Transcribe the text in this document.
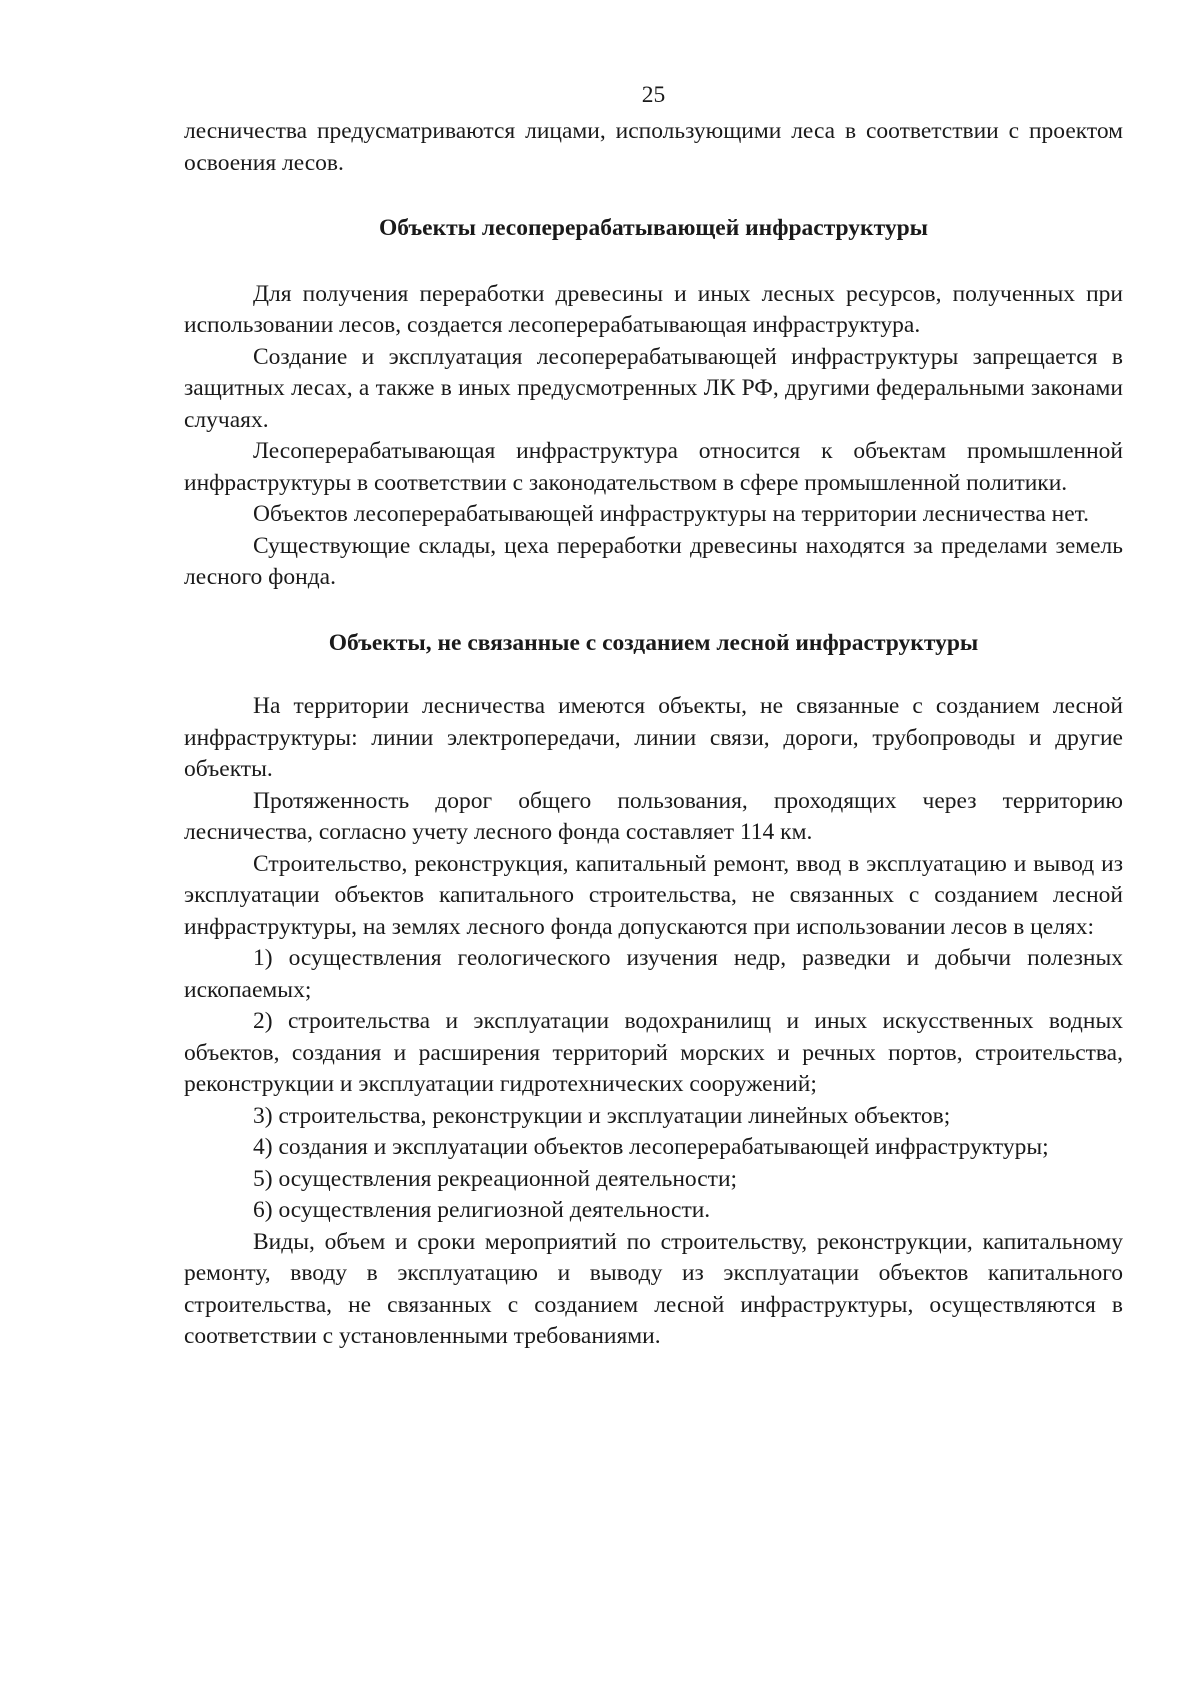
25

лесничества предусматриваются лицами, использующими леса в соответствии с проектом освоения лесов.

Объекты лесоперерабатывающей инфраструктуры

Для получения переработки древесины и иных лесных ресурсов, полученных при использовании лесов, создается лесоперерабатывающая инфраструктура.

Создание и эксплуатация лесоперерабатывающей инфраструктуры запрещается в защитных лесах, а также в иных предусмотренных ЛК РФ, другими федеральными законами случаях.

Лесоперерабатывающая инфраструктура относится к объектам промышленной инфраструктуры в соответствии с законодательством в сфере промышленной политики.

Объектов лесоперерабатывающей инфраструктуры на территории лесничества нет.

Существующие склады, цеха переработки древесины находятся за пределами земель лесного фонда.

Объекты, не связанные с созданием лесной инфраструктуры

На территории лесничества имеются объекты, не связанные с созданием лесной инфраструктуры: линии электропередачи, линии связи, дороги, трубопроводы и другие объекты.

Протяженность дорог общего пользования, проходящих через территорию лесничества, согласно учету лесного фонда составляет 114 км.

Строительство, реконструкция, капитальный ремонт, ввод в эксплуатацию и вывод из эксплуатации объектов капитального строительства, не связанных с созданием лесной инфраструктуры, на землях лесного фонда допускаются при использовании лесов в целях:

1) осуществления геологического изучения недр, разведки и добычи полезных ископаемых;

2) строительства и эксплуатации водохранилищ и иных искусственных водных объектов, создания и расширения территорий морских и речных портов, строительства, реконструкции и эксплуатации гидротехнических сооружений;

3) строительства, реконструкции и эксплуатации линейных объектов;

4) создания и эксплуатации объектов лесоперерабатывающей инфраструктуры;

5) осуществления рекреационной деятельности;

6) осуществления религиозной деятельности.

Виды, объем и сроки мероприятий по строительству, реконструкции, капитальному ремонту, вводу в эксплуатацию и выводу из эксплуатации объектов капитального строительства, не связанных с созданием лесной инфраструктуры, осуществляются в соответствии с установленными требованиями.
